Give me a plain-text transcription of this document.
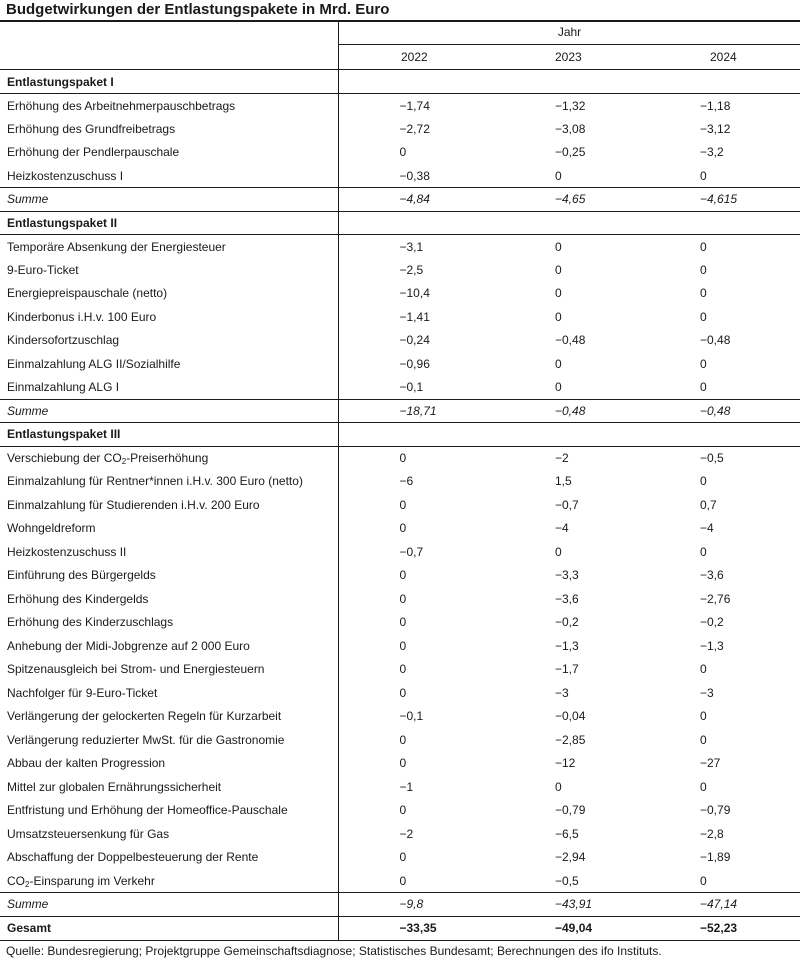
Budgetwirkungen der Entlastungspakete in Mrd. Euro
Jahr
2022	2023	2024
Entlastungspaket I			
Erhöhung des Arbeitnehmerpauschbetrags	−1,74	−1,32	−1,18
Erhöhung des Grundfreibetrags	−2,72	−3,08	−3,12
Erhöhung der Pendlerpauschale	0	−0,25	−3,2
Heizkostenzuschuss I	−0,38	0	0
Summe	−4,84	−4,65	−4,615
Entlastungspaket II			
Temporäre Absenkung der Energiesteuer	−3,1	0	0
9-Euro-Ticket	−2,5	0	0
Energiepreispauschale (netto)	−10,4	0	0
Kinderbonus i.H.v. 100 Euro	−1,41	0	0
Kindersofortzuschlag	−0,24	−0,48	−0,48
Einmalzahlung ALG II/Sozialhilfe	−0,96	0	0
Einmalzahlung ALG I	−0,1	0	0
Summe	−18,71	−0,48	−0,48
Entlastungspaket III			
Verschiebung der $CO_2$-Preiserhöhung	0	−2	−0,5
Einmalzahlung für Rentner*innen i.H.v. 300 Euro (netto)	−6	1,5	0
Einmalzahlung für Studierenden i.H.v. 200 Euro	0	−0,7	0,7
Wohngeldreform	0	−4	−4
Heizkostenzuschuss II	−0,7	0	0
Einführung des Bürgergelds	0	−3,3	−3,6
Erhöhung des Kindergelds	0	−3,6	−2,76
Erhöhung des Kinderzuschlags	0	−0,2	−0,2
Anhebung der Midi-Jobgrenze auf 2 000 Euro	0	−1,3	−1,3
Spitzenausgleich bei Strom- und Energiesteuern	0	−1,7	0
Nachfolger für 9-Euro-Ticket	0	−3	−3
Verlängerung der gelockerten Regeln für Kurzarbeit	−0,1	−0,04	0
Verlängerung reduzierter MwSt. für die Gastronomie	0	−2,85	0
Abbau der kalten Progression	0	−12	−27
Mittel zur globalen Ernährungssicherheit	−1	0	0
Entfristung und Erhöhung der Homeoffice-Pauschale	0	−0,79	−0,79
Umsatzsteuersenkung für Gas	−2	−6,5	−2,8
Abschaffung der Doppelbesteuerung der Rente	0	−2,94	−1,89
$CO_2$-Einsparung im Verkehr	0	−0,5	0
Summe	−9,8	−43,91	−47,14
Gesamt	−33,35	−49,04	−52,23
Quelle: Bundesregierung; Projektgruppe Gemeinschaftsdiagnose; Statistisches Bundesamt; Berechnungen des ifo Instituts.
